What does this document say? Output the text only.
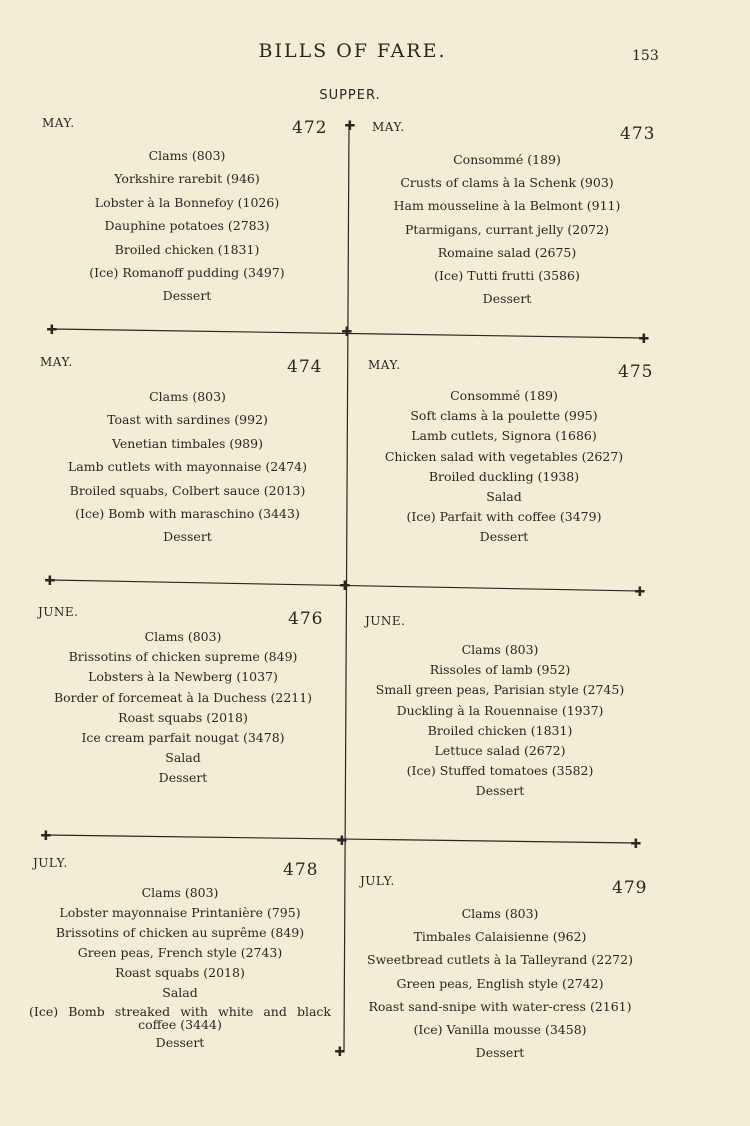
BILLS OF FARE.	153
SUPPER.
✚
✚	✚	✚
✚	✚	✚
✚	✚	✚
✚
MAY.	472
Clams (803)
Yorkshire rarebit (946)
Lobster à la Bonnefoy (1026)
Dauphine potatoes (2783)
Broiled chicken (1831)
(Ice) Romanoff pudding (3497)
Dessert
MAY.	473
Consommé (189)
Crusts of clams à la Schenk (903)
Ham mousseline à la Belmont (911)
Ptarmigans, currant jelly (2072)
Romaine salad (2675)
(Ice) Tutti frutti (3586)
Dessert
MAY.	474
Clams (803)
Toast with sardines (992)
Venetian timbales (989)
Lamb cutlets with mayonnaise (2474)
Broiled squabs, Colbert sauce (2013)
(Ice) Bomb with maraschino (3443)
Dessert
MAY.	475
Consommé (189)
Soft clams à la poulette (995)
Lamb cutlets, Signora (1686)
Chicken salad with vegetables (2627)
Broiled duckling (1938)
Salad
(Ice) Parfait with coffee (3479)
Dessert
JUNE.	476
Clams (803)
Brissotins of chicken supreme (849)
Lobsters à la Newberg (1037)
Border of forcemeat à la Duchess (2211)
Roast squabs (2018)
Ice cream parfait nougat (3478)
Salad
Dessert
JUNE.
Clams (803)
Rissoles of lamb (952)
Small green peas, Parisian style (2745)
Duckling à la Rouennaise (1937)
Broiled chicken (1831)
Lettuce salad (2672)
(Ice) Stuffed tomatoes (3582)
Dessert
JULY.	478
Clams (803)
Lobster mayonnaise Printanière (795)
Brissotins of chicken au suprême (849)
Green peas, French style (2743)
Roast squabs (2018)
Salad
(Ice) Bomb streaked with white and black coffee (3444)
Dessert
JULY.	479
Clams (803)
Timbales Calaisienne (962)
Sweetbread cutlets à la Talleyrand (2272)
Green peas, English style (2742)
Roast sand-snipe with water-cress (2161)
(Ice) Vanilla mousse (3458)
Dessert
